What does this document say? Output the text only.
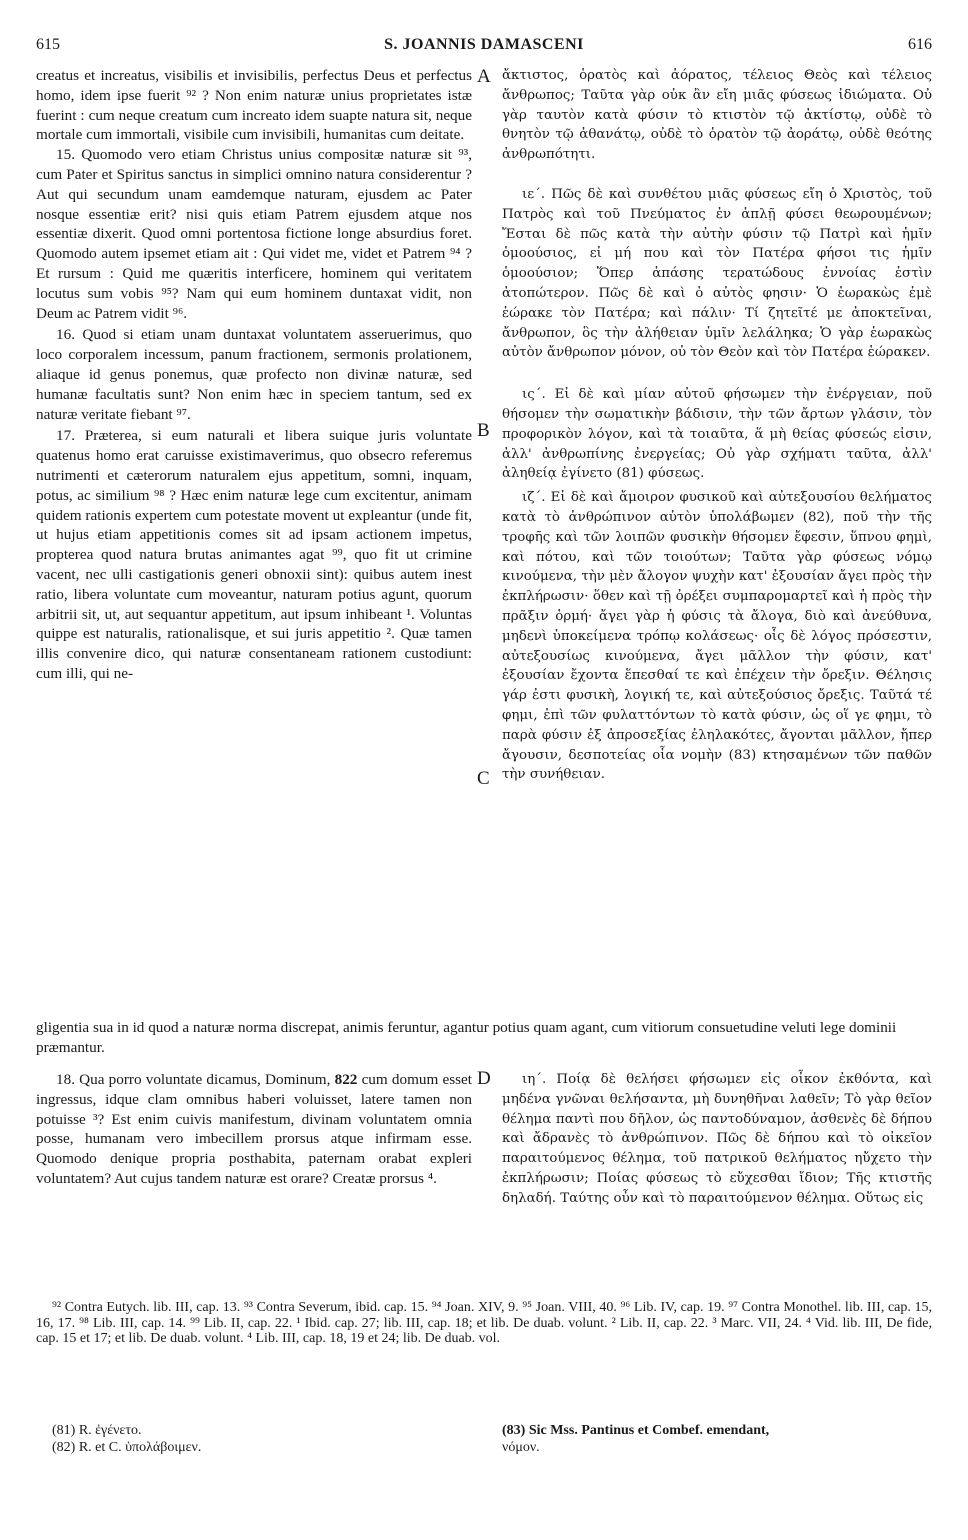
615	S. JOANNIS DAMASCENI	616

creatus et increatus, visibilis et invisibilis, perfectus Deus et perfectus homo, idem ipse fuerit ⁹² ? Non enim naturæ unius proprietates istæ fuerint : cum neque creatum cum increato idem suapte natura sit, neque mortale cum immortali, visibile cum invisibili, humanitas cum deitate.

15. Quomodo vero etiam Christus unius compositæ naturæ sit ⁹³, cum Pater et Spiritus sanctus in simplici omnino natura considerentur ? Aut qui secundum unam eamdemque naturam, ejusdem ac Pater nosque essentiæ erit? nisi quis etiam Patrem ejusdem atque nos essentiæ dixerit. Quod omni portentosa fictione longe absurdius foret. Quomodo autem ipsemet etiam ait : Qui videt me, videt et Patrem ⁹⁴ ? Et rursum : Quid me quæritis interficere, hominem qui veritatem locutus sum vobis ⁹⁵? Nam qui eum hominem duntaxat vidit, non Deum ac Patrem vidit ⁹⁶.

16. Quod si etiam unam duntaxat voluntatem asseruerimus, quo loco corporalem incessum, panum fractionem, sermonis prolationem, aliaque id genus ponemus, quæ profecto non divinæ naturæ, sed humanæ facultatis sunt? Non enim hæc in speciem tantum, sed ex naturæ veritate fiebant ⁹⁷.

17. Præterea, si eum naturali et libera suique juris voluntate quatenus homo erat caruisse existimaverimus, quo obsecro referemus nutrimenti et cæterorum naturalem ejus appetitum, somni, inquam, potus, ac similium ⁹⁸ ? Hæc enim naturæ lege cum excitentur, animam quidem rationis expertem cum potestate movent ut expleantur (unde fit, ut hujus etiam appetitionis comes sit ad ipsam actionem impetus, propterea quod natura brutas animantes agat ⁹⁹, quo fit ut crimine vacent, nec ulli castigationis generi obnoxii sint): quibus autem inest ratio, libera voluntate cum moveantur, naturam potius agunt, quorum arbitrii sit, ut, aut sequantur appetitum, aut ipsum inhibeant ¹. Voluntas quippe est naturalis, rationalisque, et sui juris appetitio ². Quæ tamen illis convenire dico, qui naturæ consentaneam rationem custodiunt: cum illi, qui ne-

ἄκτιστος, ὁρατὸς καὶ ἀόρατος, τέλειος Θεὸς καὶ τέλειος ἄνθρωπος; Ταῦτα γὰρ οὐκ ἂν εἴη μιᾶς φύσεως ἰδιώματα. Οὐ γὰρ ταυτὸν κατὰ φύσιν τὸ κτιστὸν τῷ ἀκτίστῳ, οὐδὲ τὸ θνητὸν τῷ ἀθανάτῳ, οὐδὲ τὸ ὁρατὸν τῷ ἀοράτῳ, οὐδὲ θεότης ἀνθρωπότητι.

ιε΄. Πῶς δὲ καὶ συνθέτου μιᾶς φύσεως εἴη ὁ Χριστὸς, τοῦ Πατρὸς καὶ τοῦ Πνεύματος ἐν ἁπλῇ φύσει θεωρουμένων; Ἔσται δὲ πῶς κατὰ τὴν αὐτὴν φύσιν τῷ Πατρὶ καὶ ἡμῖν ὁμοούσιος, εἰ μή που καὶ τὸν Πατέρα φήσοι τις ἡμῖν ὁμοούσιον; Ὅπερ ἁπάσης τερατώδους ἐννοίας ἐστὶν ἀτοπώτερον. Πῶς δὲ καὶ ὁ αὐτὸς φησιν· Ὁ ἑωρακὼς ἐμὲ ἑώρακε τὸν Πατέρα; καὶ πάλιν· Τί ζητεῖτέ με ἀποκτεῖναι, ἄνθρωπον, ὃς τὴν ἀλήθειαν ὑμῖν λελάληκα; Ὁ γὰρ ἑωρακὼς αὐτὸν ἄνθρωπον μόνον, οὐ τὸν Θεὸν καὶ τὸν Πατέρα ἑώρακεν.

ις΄. Εἰ δὲ καὶ μίαν αὐτοῦ φήσωμεν τὴν ἐνέργειαν, ποῦ θήσομεν τὴν σωματικὴν βάδισιν, τὴν τῶν ἄρτων γλάσιν, τὸν προφορικὸν λόγον, καὶ τὰ τοιαῦτα, ἅ μὴ θείας φύσεώς εἰσιν, ἀλλ' ἀνθρωπίνης ἐνεργείας; Οὐ γὰρ σχήματι ταῦτα, ἀλλ' ἀληθείᾳ ἐγίνετο (81) φύσεως.

ιζ΄. Εἰ δὲ καὶ ἄμοιρον φυσικοῦ καὶ αὐτεξουσίου θελήματος κατὰ τὸ ἀνθρώπινον αὐτὸν ὑπολάβωμεν (82), ποῦ τὴν τῆς τροφῆς καὶ τῶν λοιπῶν φυσικὴν θήσομεν ἔφεσιν, ὕπνου φημὶ, καὶ πότου, καὶ τῶν τοιούτων; Ταῦτα γὰρ φύσεως νόμῳ κινούμενα, τὴν μὲν ἄλογον ψυχὴν κατ' ἐξουσίαν ἄγει πρὸς τὴν ἐκπλήρωσιν· ὅθεν καὶ τῇ ὀρέξει συμπαρομαρτεῖ καὶ ἡ πρὸς τὴν πρᾶξιν ὁρμή· ἄγει γὰρ ἡ φύσις τὰ ἄλογα, διὸ καὶ ἀνεύθυνα, μηδενὶ ὑποκείμενα τρόπῳ κολάσεως· οἷς δὲ λόγος πρόσεστιν, αὐτεξουσίως κινούμενα, ἄγει μᾶλλον τὴν φύσιν, κατ' ἐξουσίαν ἔχοντα ἕπεσθαί τε καὶ ἐπέχειν τὴν ὄρεξιν. Θέλησις γάρ ἐστι φυσικὴ, λογική τε, καὶ αὐτεξούσιος ὄρεξις. Ταῦτά τέ φημι, ἐπὶ τῶν φυλαττόντων τὸ κατὰ φύσιν, ὡς οἵ γε φημι, τὸ παρὰ φύσιν ἐξ ἀπροσεξίας ἐληλακότες, ἄγονται μᾶλλον, ἤπερ ἄγουσιν, δεσποτείας οἷα νομὴν (83) κτησαμένων τῶν παθῶν τὴν συνήθειαν.

A
B
C
D

gligentia sua in id quod a naturæ norma discrepat, animis feruntur, agantur potius quam agant, cum vitiorum consuetudine veluti lege dominii præmantur.

18. Qua porro voluntate dicamus, Dominum, 822 cum domum esset ingressus, idque clam omnibus haberi voluisset, latere tamen non potuisse ³? Est enim cuivis manifestum, divinam voluntatem omnia posse, humanam vero imbecillem prorsus atque infirmam esse. Quomodo denique propria posthabita, paternam orabat expleri voluntatem? Aut cujus tandem naturæ est orare? Creatæ prorsus ⁴.

ιη΄. Ποίᾳ δὲ θελήσει φήσωμεν εἰς οἶκον ἐκθόντα, καὶ μηδένα γνῶναι θελήσαντα, μὴ δυνηθῆναι λαθεῖν; Τὸ γὰρ θεῖον θέλημα παντὶ που δῆλον, ὡς παντοδύναμον, ἀσθενὲς δὲ δήπου καὶ ἄδρανὲς τὸ ἀνθρώπινον. Πῶς δὲ δήπου καὶ τὸ οἰκεῖον παραιτούμενος θέλημα, τοῦ πατρικοῦ θελήματος ηὔχετο τὴν ἐκπλήρωσιν; Ποίας φύσεως τὸ εὔχεσθαι ἴδιον; Τῆς κτιστῆς δηλαδή. Ταύτης οὖν καὶ τὸ παραιτούμενον θέλημα. Οὕτως εἰς

⁹² Contra Eutych. lib. III, cap. 13. ⁹³ Contra Severum, ibid. cap. 15. ⁹⁴ Joan. XIV, 9. ⁹⁵ Joan. VIII, 40. ⁹⁶ Lib. IV, cap. 19. ⁹⁷ Contra Monothel. lib. III, cap. 15, 16, 17. ⁹⁸ Lib. III, cap. 14. ⁹⁹ Lib. II, cap. 22. ¹ Ibid. cap. 27; lib. III, cap. 18; et lib. De duab. volunt. ² Lib. II, cap. 22. ³ Marc. VII, 24. ⁴ Vid. lib. III, De fide, cap. 15 et 17; et lib. De duab. volunt. ⁴ Lib. III, cap. 18, 19 et 24; lib. De duab. vol.

(81) R. ἐγένετο.

(82) R. et C. ὑπολάβοιμεν.

(83) Sic Mss. Pantinus et Combef. emendant,

νόμον.
